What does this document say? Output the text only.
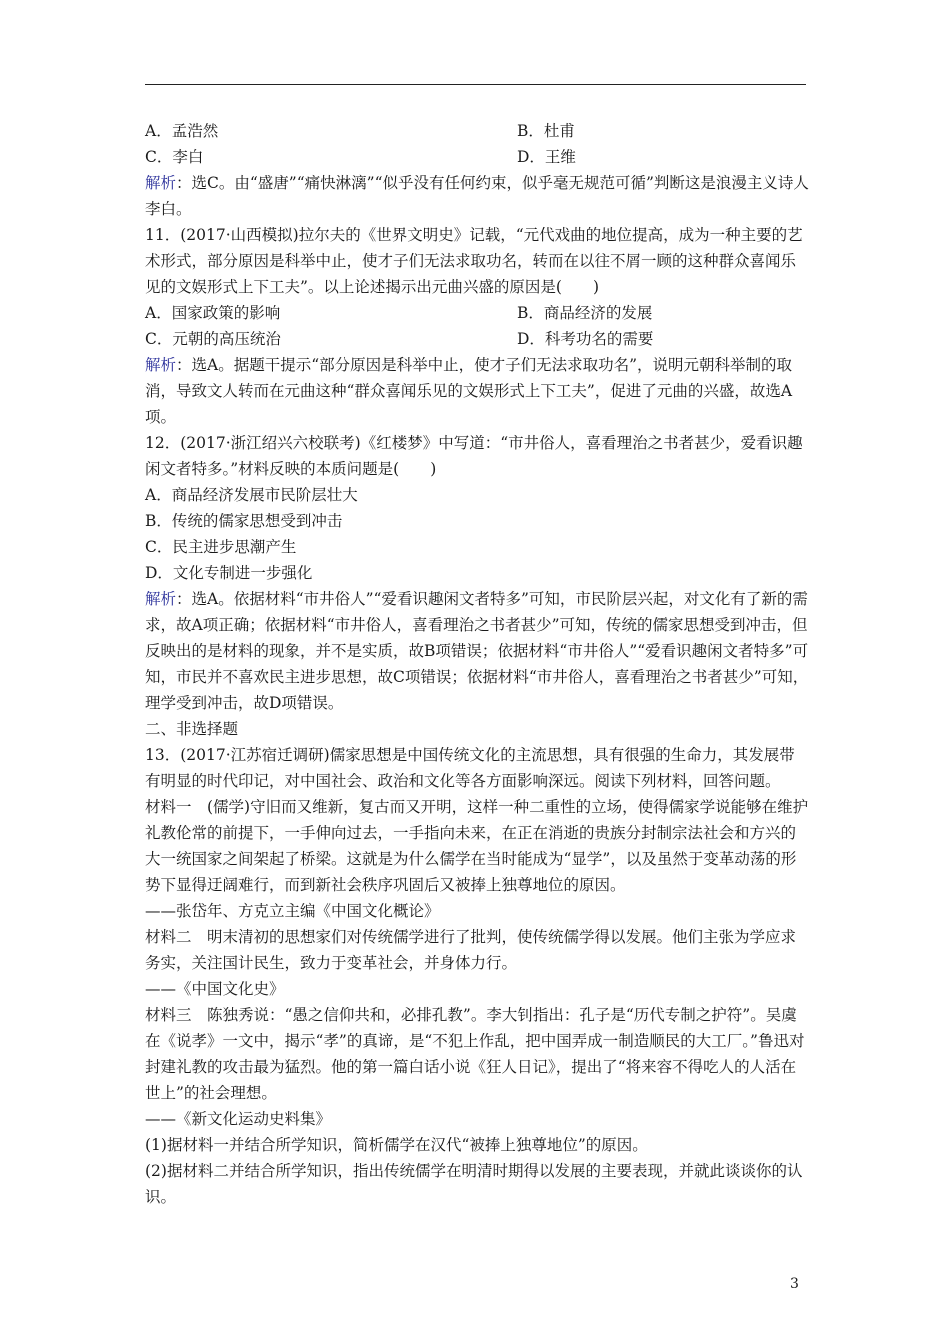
A．孟浩然	B．杜甫
C．李白	D．王维

解析：选C。由“盛唐”“痛快淋漓”“似乎没有任何约束，似乎毫无规范可循”判断这是浪漫主义诗人李白。

11．(2017·山西模拟)拉尔夫的《世界文明史》记载，“元代戏曲的地位提高，成为一种主要的艺术形式，部分原因是科举中止，使才子们无法求取功名，转而在以往不屑一顾的这种群众喜闻乐见的文娱形式上下工夫”。以上论述揭示出元曲兴盛的原因是(　　)

A．国家政策的影响	B．商品经济的发展
C．元朝的高压统治	D．科考功名的需要

解析：选A。据题干提示“部分原因是科举中止，使才子们无法求取功名”，说明元朝科举制的取消，导致文人转而在元曲这种“群众喜闻乐见的文娱形式上下工夫”，促进了元曲的兴盛，故选A项。

12．(2017·浙江绍兴六校联考)《红楼梦》中写道：“市井俗人，喜看理治之书者甚少，爱看识趣闲文者特多。”材料反映的本质问题是(　　)

A．商品经济发展市民阶层壮大

B．传统的儒家思想受到冲击

C．民主进步思潮产生

D．文化专制进一步强化

解析：选A。依据材料“市井俗人”“爱看识趣闲文者特多”可知，市民阶层兴起，对文化有了新的需求，故A项正确；依据材料“市井俗人，喜看理治之书者甚少”可知，传统的儒家思想受到冲击，但反映出的是材料的现象，并不是实质，故B项错误；依据材料“市井俗人”“爱看识趣闲文者特多”可知，市民并不喜欢民主进步思想，故C项错误；依据材料“市井俗人，喜看理治之书者甚少”可知，理学受到冲击，故D项错误。

二、非选择题

13．(2017·江苏宿迁调研)儒家思想是中国传统文化的主流思想，具有很强的生命力，其发展带有明显的时代印记，对中国社会、政治和文化等各方面影响深远。阅读下列材料，回答问题。

材料一　(儒学)守旧而又维新，复古而又开明，这样一种二重性的立场，使得儒家学说能够在维护礼教伦常的前提下，一手伸向过去，一手指向未来，在正在消逝的贵族分封制宗法社会和方兴的大一统国家之间架起了桥梁。这就是为什么儒学在当时能成为“显学”，以及虽然于变革动荡的形势下显得迂阔难行，而到新社会秩序巩固后又被捧上独尊地位的原因。

——张岱年、方克立主编《中国文化概论》

材料二　明末清初的思想家们对传统儒学进行了批判，使传统儒学得以发展。他们主张为学应求务实，关注国计民生，致力于变革社会，并身体力行。

——《中国文化史》

材料三　陈独秀说：“愚之信仰共和，必排孔教”。李大钊指出：孔子是“历代专制之护符”。吴虞在《说孝》一文中，揭示“孝”的真谛，是“不犯上作乱，把中国弄成一制造顺民的大工厂。”鲁迅对封建礼教的攻击最为猛烈。他的第一篇白话小说《狂人日记》，提出了“将来容不得吃人的人活在世上”的社会理想。

——《新文化运动史料集》

(1)据材料一并结合所学知识，简析儒学在汉代“被捧上独尊地位”的原因。

(2)据材料二并结合所学知识，指出传统儒学在明清时期得以发展的主要表现，并就此谈谈你的认识。

3
